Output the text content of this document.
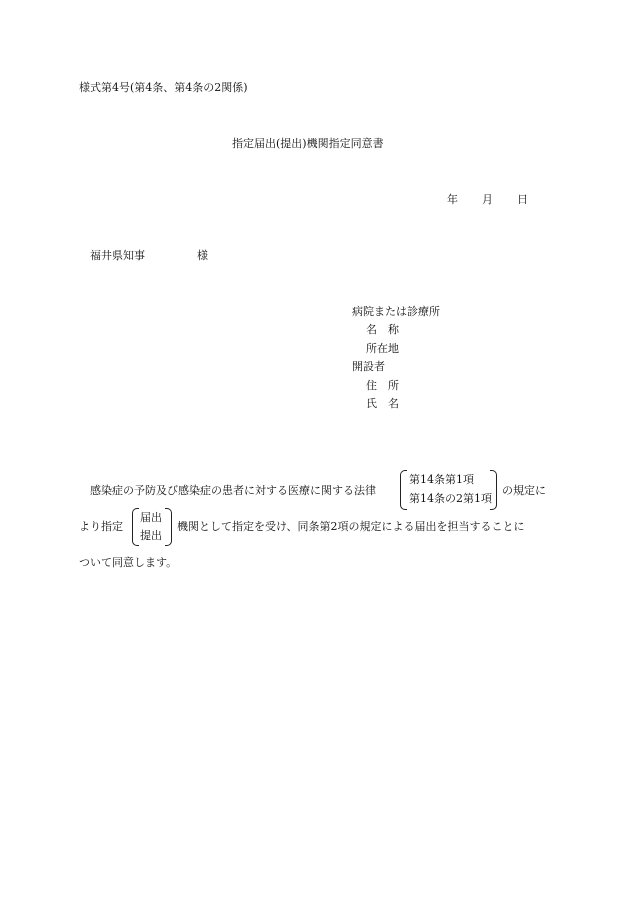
様式第4号(第4条、第4条の2関係)
指定届出(提出)機関指定同意書
年 月 日
福井県知事	様
病院または診療所
名　称
所在地
開設者
住　所
氏　名
感染症の予防及び感染症の患者に対する医療に関する法律
第14条第1項
第14条の2第1項
の規定に
より指定
届出
提出
機関として指定を受け、同条第2項の規定による届出を担当することに
ついて同意します。
